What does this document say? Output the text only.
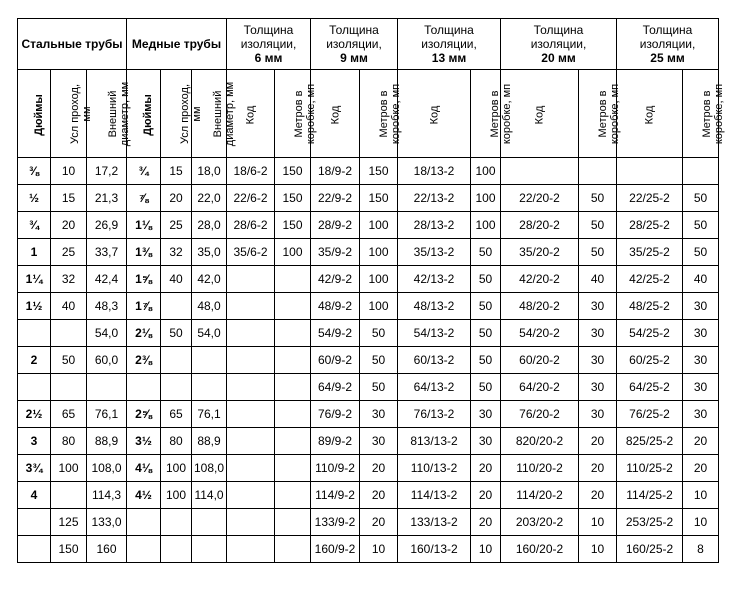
Стальные трубы			Медные трубы			Толщина
изоляции,
6 мм		Толщина
изоляции,
9 мм		Толщина
изоляции,
13 мм		Толщина
изоляции,
20 мм		Толщина
изоляции,
25 мм	
Дюймы	Усл проход,
мм	Внешний
диаметр, мм	Дюймы	Усл проход,
мм	Внешний
диаметр, мм	Код	Метров в
коробке, мп	Код	Метров в
коробке, мп	Код	Метров в
коробке, мп	Код	Метров в
коробке, мп	Код	Метров в
коробке, мп
⅜	10	17,2	¾	15	18,0	18/6-2	150	18/9-2	150	18/13-2	100				
½	15	21,3	⅞	20	22,0	22/6-2	150	22/9-2	150	22/13-2	100	22/20-2	50	22/25-2	50
¾	20	26,9	1⅛	25	28,0	28/6-2	150	28/9-2	100	28/13-2	100	28/20-2	50	28/25-2	50
1	25	33,7	1⅜	32	35,0	35/6-2	100	35/9-2	100	35/13-2	50	35/20-2	50	35/25-2	50
1¼	32	42,4	1⅝	40	42,0			42/9-2	100	42/13-2	50	42/20-2	40	42/25-2	40
1½	40	48,3	1⅞		48,0			48/9-2	100	48/13-2	50	48/20-2	30	48/25-2	30
		54,0	2⅛	50	54,0			54/9-2	50	54/13-2	50	54/20-2	30	54/25-2	30
2	50	60,0	2⅜					60/9-2	50	60/13-2	50	60/20-2	30	60/25-2	30
								64/9-2	50	64/13-2	50	64/20-2	30	64/25-2	30
2½	65	76,1	2⅝	65	76,1			76/9-2	30	76/13-2	30	76/20-2	30	76/25-2	30
3	80	88,9	3½	80	88,9			89/9-2	30	813/13-2	30	820/20-2	20	825/25-2	20
3¾	100	108,0	4⅛	100	108,0			110/9-2	20	110/13-2	20	110/20-2	20	110/25-2	20
4		114,3	4½	100	114,0			114/9-2	20	114/13-2	20	114/20-2	20	114/25-2	10
	125	133,0						133/9-2	20	133/13-2	20	203/20-2	10	253/25-2	10
	150	160						160/9-2	10	160/13-2	10	160/20-2	10	160/25-2	8
